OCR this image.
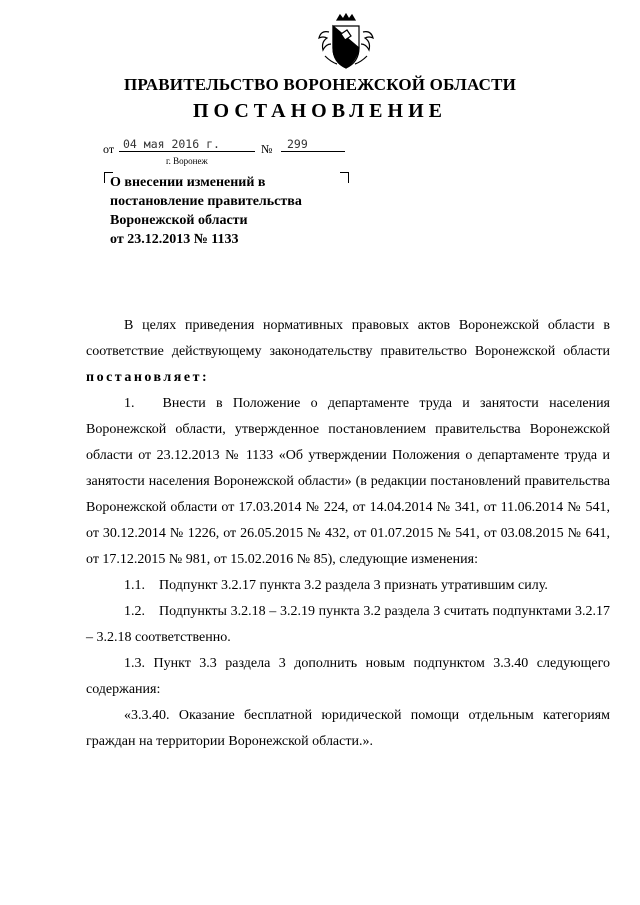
ПРАВИТЕЛЬСТВО ВОРОНЕЖСКОЙ ОБЛАСТИ
ПОСТАНОВЛЕНИЕ
от 04 мая 2016 г.	№	299
г. Воронеж
О внесении изменений в
постановление правительства
Воронежской области
от 23.12.2013 № 1133
В целях приведения нормативных правовых актов Воронежской области в соответствие действующему законодательству правительство Воронежской области постановляет:
1.  Внести в Положение о департаменте труда и занятости населения Воронежской области, утвержденное постановлением правительства Воронежской области от 23.12.2013 № 1133 «Об утверждении Положения о департаменте труда и занятости населения Воронежской области» (в редакции постановлений правительства Воронежской области от 17.03.2014 № 224, от 14.04.2014 № 341, от 11.06.2014 № 541, от 30.12.2014 № 1226, от 26.05.2015 № 432, от 01.07.2015 № 541, от 03.08.2015 № 641, от 17.12.2015 № 981, от 15.02.2016 № 85), следующие изменения:
1.1. Подпункт 3.2.17 пункта 3.2 раздела 3 признать утратившим силу.
1.2. Подпункты 3.2.18 – 3.2.19 пункта 3.2 раздела 3 считать подпунктами 3.2.17 – 3.2.18 соответственно.
1.3. Пункт 3.3 раздела 3 дополнить новым подпунктом 3.3.40 следующего содержания:
«3.3.40. Оказание бесплатной юридической помощи отдельным категориям граждан на территории Воронежской области.».
